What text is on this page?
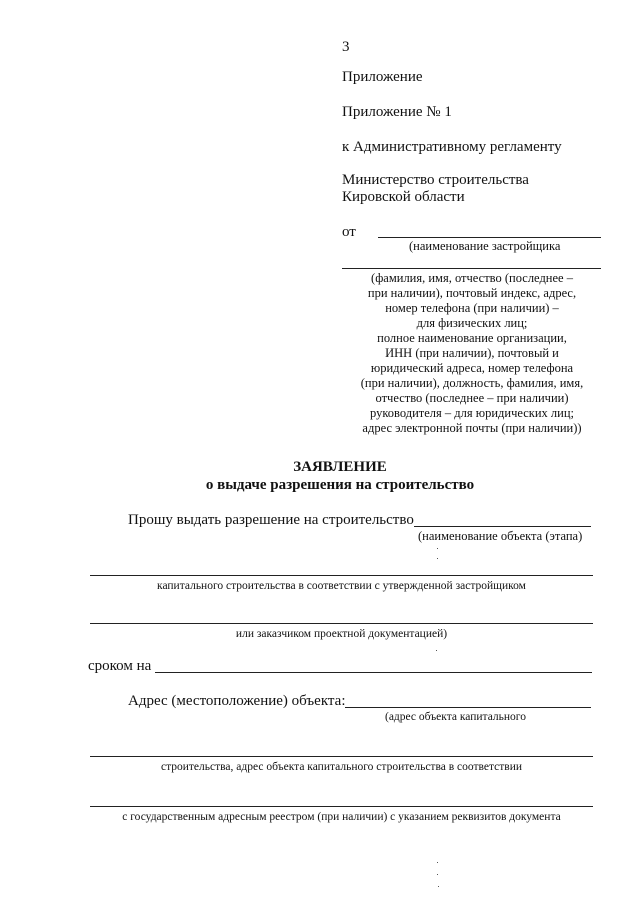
3
Приложение
Приложение № 1
к Административному регламенту
Министерство строительства
Кировской области
от
(наименование застройщика
(фамилия, имя, отчество (последнее –
при наличии), почтовый индекс, адрес,
номер телефона (при наличии) –
для физических лиц;
полное наименование организации,
ИНН (при наличии), почтовый и
юридический адреса, номер телефона
(при наличии), должность, фамилия, имя,
отчество (последнее – при наличии)
руководителя – для юридических лиц;
адрес электронной почты (при наличии))
ЗАЯВЛЕНИЕ
о выдаче разрешения на строительство
Прошу выдать разрешение на строительство
(наименование объекта (этапа)
капитального строительства в соответствии с утвержденной застройщиком
или заказчиком проектной документацией)
сроком на
Адрес (местоположение) объекта:
(адрес объекта капитального
строительства, адрес объекта капитального строительства в соответствии
с государственным адресным реестром (при наличии) с указанием реквизитов документа
